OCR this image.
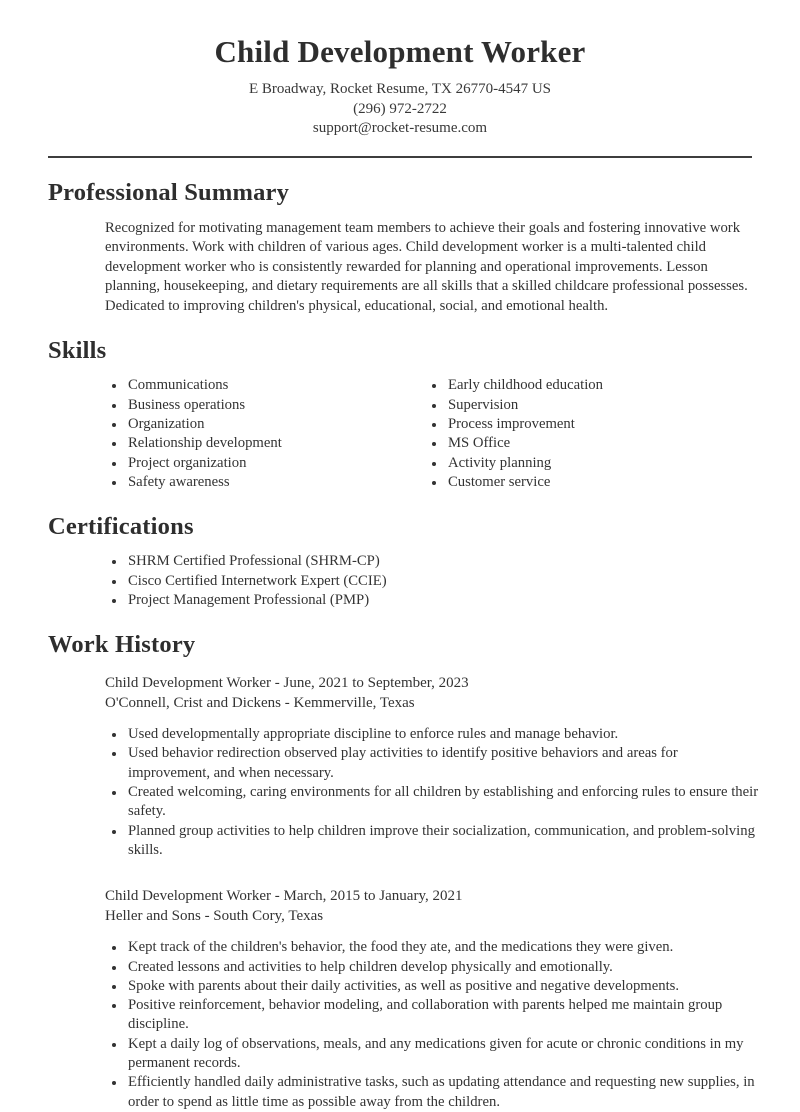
Child Development Worker
E Broadway, Rocket Resume, TX 26770-4547 US
(296) 972-2722
support@rocket-resume.com
Professional Summary

Recognized for motivating management team members to achieve their goals and fostering innovative work environments. Work with children of various ages. Child development worker is a multi-talented child development worker who is consistently rewarded for planning and operational improvements. Lesson planning, housekeeping, and dietary requirements are all skills that a skilled childcare professional possesses. Dedicated to improving children's physical, educational, social, and emotional health.

Skills
• Communications
• Business operations
• Organization
• Relationship development
• Project organization
• Safety awareness
• Early childhood education
• Supervision
• Process improvement
• MS Office
• Activity planning
• Customer service
Certifications
• SHRM Certified Professional (SHRM-CP)
• Cisco Certified Internetwork Expert (CCIE)
• Project Management Professional (PMP)
Work History
Child Development Worker - June, 2021 to September, 2023
O'Connell, Crist and Dickens - Kemmerville, Texas
• Used developmentally appropriate discipline to enforce rules and manage behavior.
• Used behavior redirection observed play activities to identify positive behaviors and areas for improvement, and when necessary.
• Created welcoming, caring environments for all children by establishing and enforcing rules to ensure their safety.
• Planned group activities to help children improve their socialization, communication, and problem-solving skills.
Child Development Worker - March, 2015 to January, 2021
Heller and Sons - South Cory, Texas
• Kept track of the children's behavior, the food they ate, and the medications they were given.
• Created lessons and activities to help children develop physically and emotionally.
• Spoke with parents about their daily activities, as well as positive and negative developments.
• Positive reinforcement, behavior modeling, and collaboration with parents helped me maintain group discipline.
• Kept a daily log of observations, meals, and any medications given for acute or chronic conditions in my permanent records.
• Efficiently handled daily administrative tasks, such as updating attendance and requesting new supplies, in order to spend as little time as possible away from the children.
